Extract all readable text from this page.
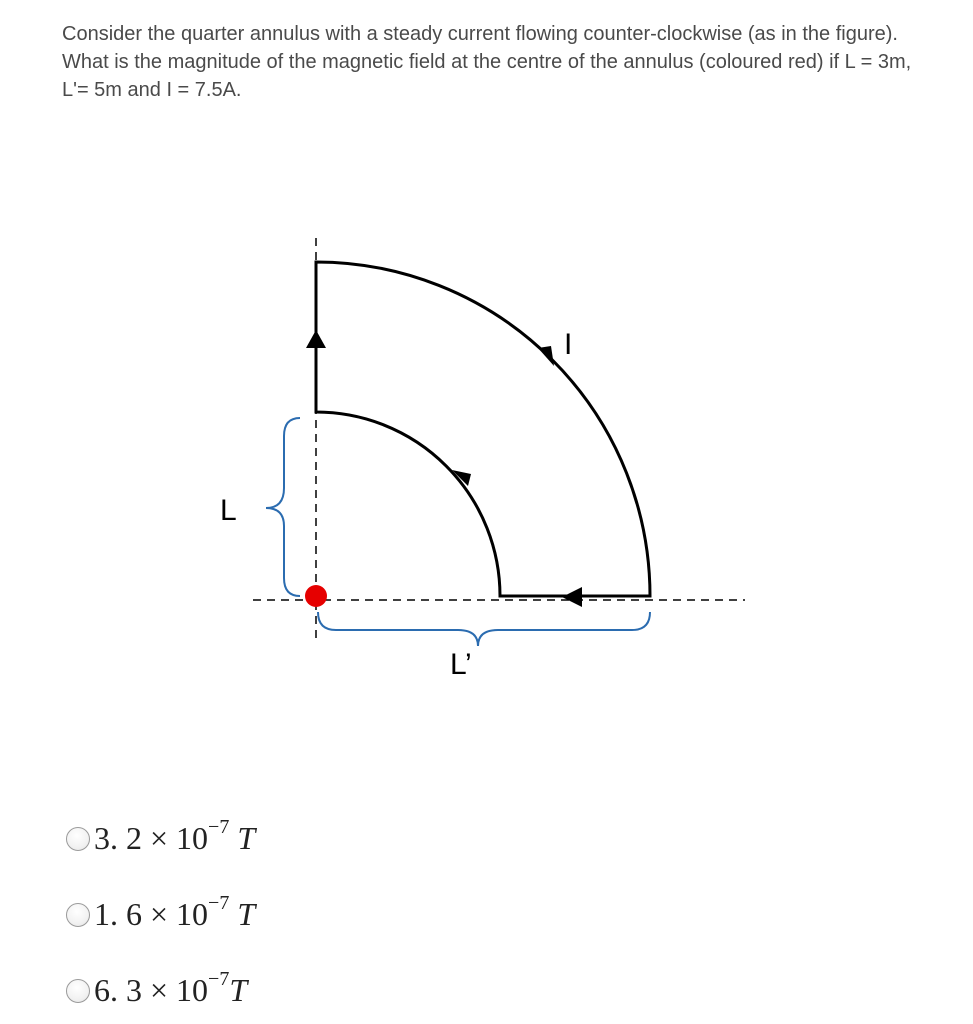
Consider the quarter annulus with a steady current flowing counter-clockwise (as in the figure). What is the magnitude of the magnetic field at the centre of the annulus (coloured red) if L = 3m, L'= 5m and I = 7.5A.
L
L’
I
3. $2 \times 10^{-7}$ T
1. $6 \times 10^{-7}$ T
6. $3 \times 10^{-7}T$
